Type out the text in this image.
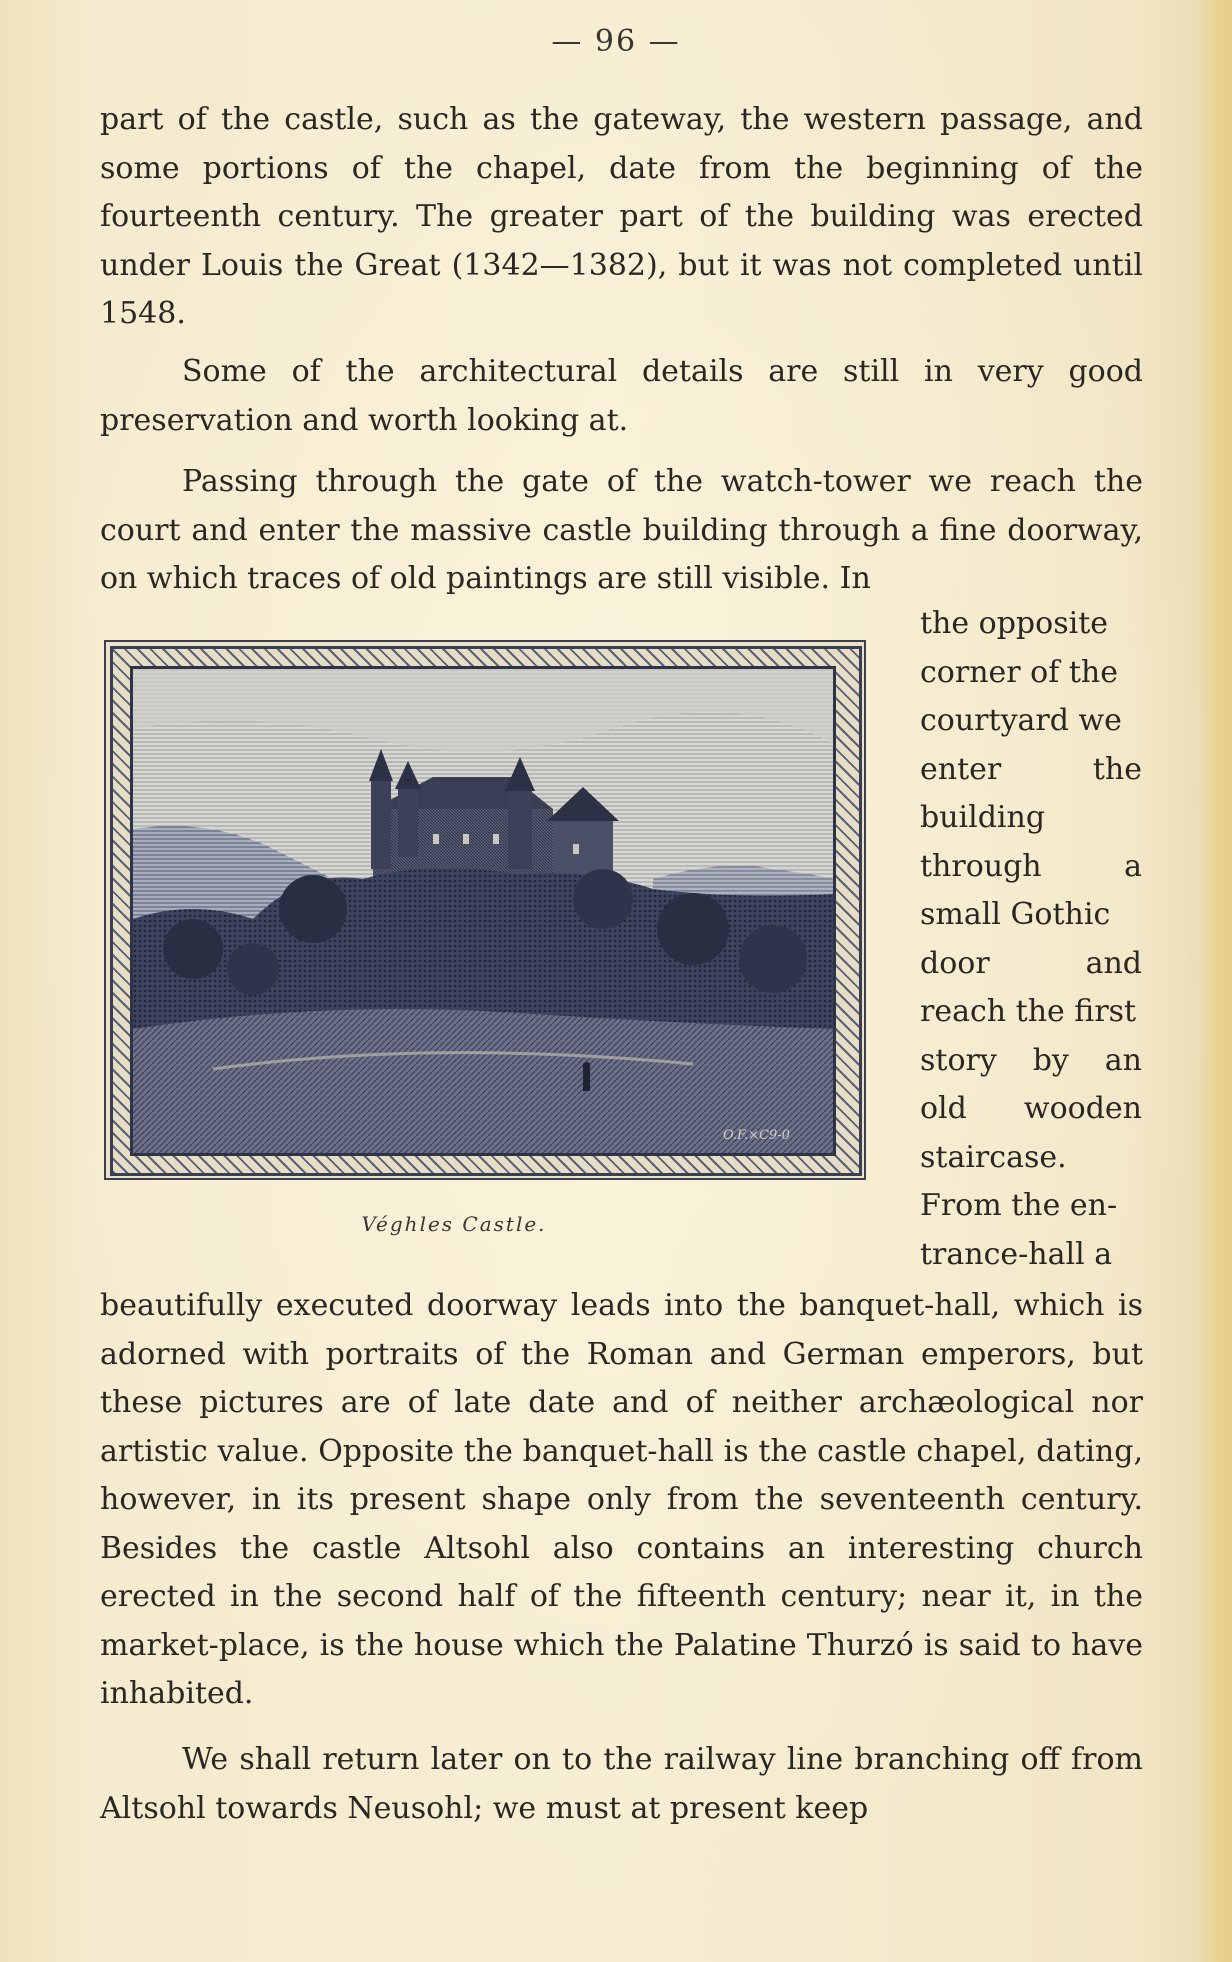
— 96 —

part of the castle, such as the gateway, the western passage, and some portions of the chapel, date from the beginning of the fourteenth century. The greater part of the building was erected under Louis the Great (1342—1382), but it was not completed until 1548.

Some of the architectural details are still in very good preservation and worth looking at.

Passing through the gate of the watch-tower we reach the court and enter the massive castle building through a fine doorway, on which traces of old paintings are still visible. In

the opposite
corner of the
courtyard we
enter the
building
through a
small Gothic
door and
reach the first
story by an
old wooden
staircase.
From the en-
trance-hall a
O.F.×C9-0
Véghles Castle.

beautifully executed doorway leads into the banquet-hall, which is adorned with portraits of the Roman and German emperors, but these pictures are of late date and of neither archæological nor artistic value. Opposite the banquet-hall is the castle chapel, dating, however, in its present shape only from the seventeenth century. Besides the castle Altsohl also contains an interesting church erected in the second half of the fifteenth century; near it, in the market-place, is the house which the Palatine Thurzó is said to have inhabited.

We shall return later on to the railway line branching off from Altsohl towards Neusohl; we must at present keep
